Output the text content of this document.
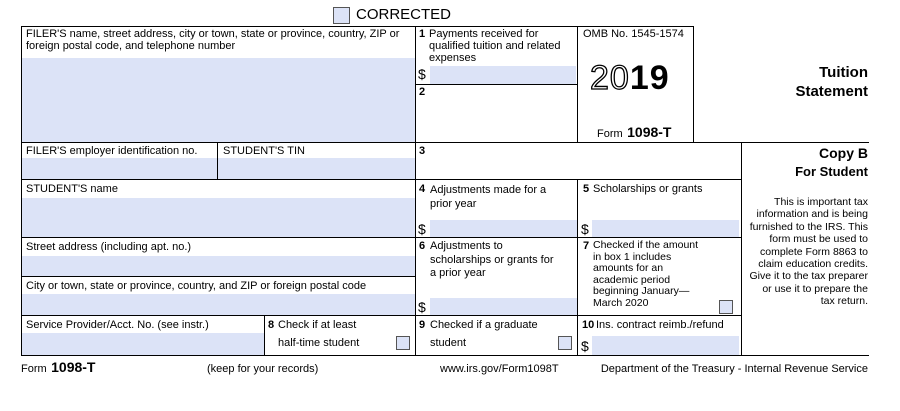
CORRECTED
FILER'S name, street address, city or town, state or province, country, ZIP or foreign postal code, and telephone number
1 Payments received for qualified tuition and related expenses
$
2
OMB No. 1545-1574
2019
Form 1098-T
Tuition
Statement
FILER'S employer identification no. STUDENT'S TIN	3	Copy B
For Student
This is important tax information and is being furnished to the IRS. This form must be used to complete Form 8863 to claim education credits. Give it to the tax preparer or use it to prepare the tax return.
STUDENT'S name	4 Adjustments made for a prior year
$
5 Scholarships or grants
$
Street address (including apt. no.)	6 Adjustments to scholarships or grants for a prior year
$
7 Checked if the amount in box 1 includes amounts for an academic period beginning January— March 2020
City or town, state or province, country, and ZIP or foreign postal code
Service Provider/Acct. No. (see instr.)	8 Check if at least
half-time student
9 Checked if a graduate
student
10 Ins. contract reimb./refund
$
Form 1098-T	(keep for your records)	www.irs.gov/Form1098T	Department of the Treasury - Internal Revenue Service
